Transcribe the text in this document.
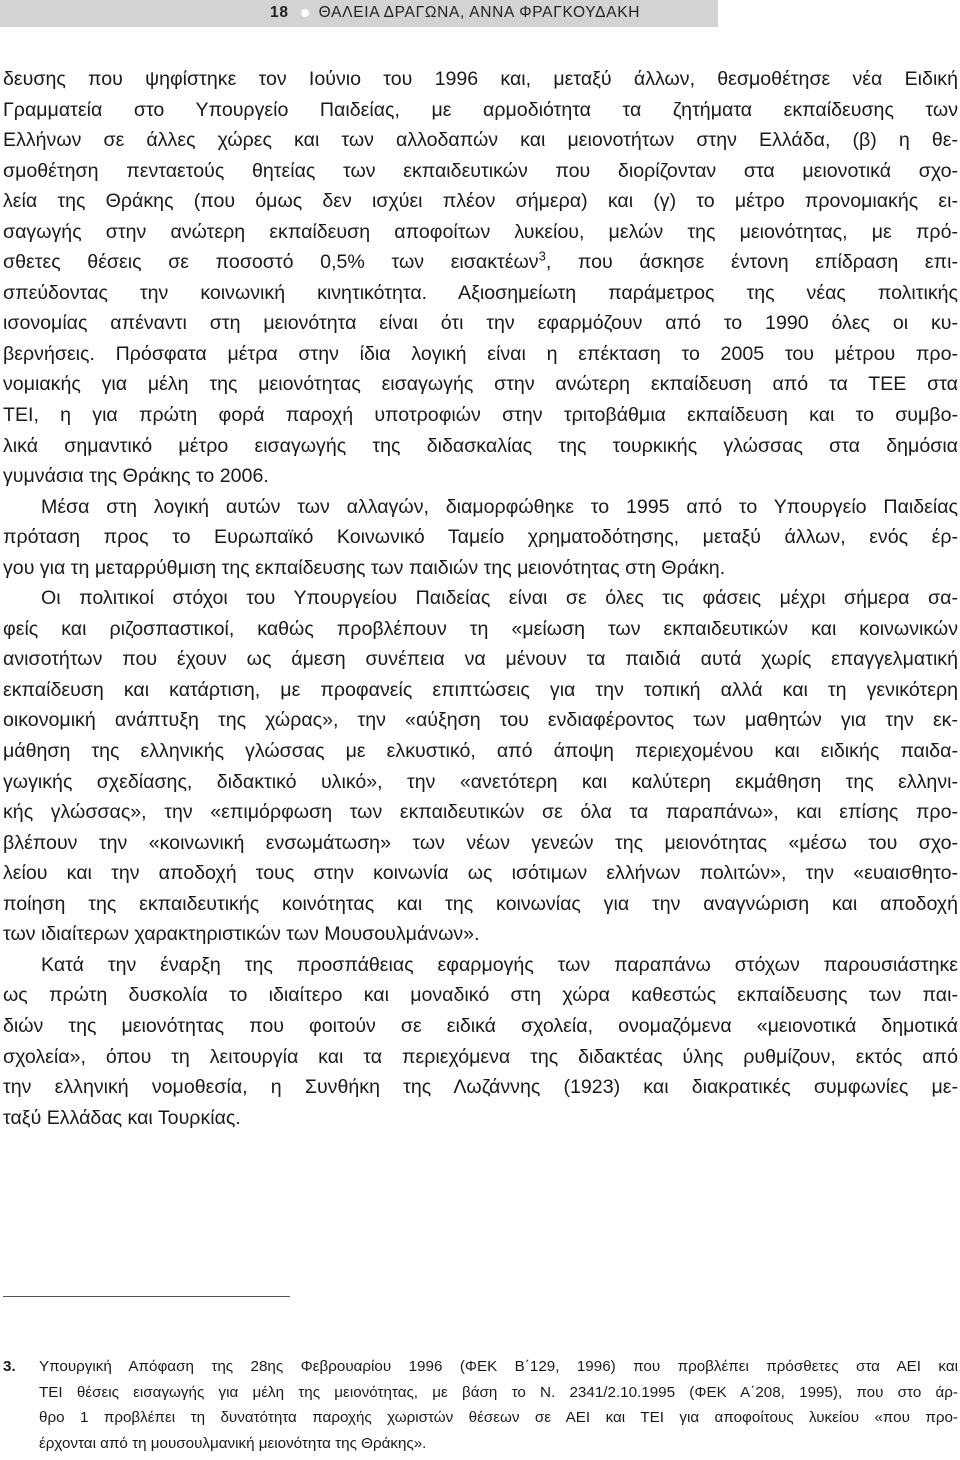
18 ΘΑΛΕΙΑ ΔΡΑΓΩΝΑ, ΑΝΝΑ ΦΡΑΓΚΟΥΔΑΚΗ
δευσης που ψηφίστηκε τον Ιούνιο του 1996 και, μεταξύ άλλων, θεσμοθέτησε νέα Ειδική
Γραμματεία στο Υπουργείο Παιδείας, με αρμοδιότητα τα ζητήματα εκπαίδευσης των
Ελλήνων σε άλλες χώρες και των αλλοδαπών και μειονοτήτων στην Ελλάδα, (β) η θε-
σμοθέτηση πενταετούς θητείας των εκπαιδευτικών που διορίζονταν στα μειονοτικά σχο-
λεία της Θράκης (που όμως δεν ισχύει πλέον σήμερα) και (γ) το μέτρο προνομιακής ει-
σαγωγής στην ανώτερη εκπαίδευση αποφοίτων λυκείου, μελών της μειονότητας, με πρό-
σθετες θέσεις σε ποσοστό 0,5% των εισακτέων$^3$, που άσκησε έντονη επίδραση επι-
σπεύδοντας την κοινωνική κινητικότητα. Αξιοσημείωτη παράμετρος της νέας πολιτικής
ισονομίας απέναντι στη μειονότητα είναι ότι την εφαρμόζουν από το 1990 όλες οι κυ-
βερνήσεις. Πρόσφατα μέτρα στην ίδια λογική είναι η επέκταση το 2005 του μέτρου προ-
νομιακής για μέλη της μειονότητας εισαγωγής στην ανώτερη εκπαίδευση από τα ΤΕΕ στα
ΤΕΙ, η για πρώτη φορά παροχή υποτροφιών στην τριτοβάθμια εκπαίδευση και το συμβο-
λικά σημαντικό μέτρο εισαγωγής της διδασκαλίας της τουρκικής γλώσσας στα δημόσια
γυμνάσια της Θράκης το 2006.
Μέσα στη λογική αυτών των αλλαγών, διαμορφώθηκε το 1995 από το Υπουργείο Παιδείας
πρόταση προς το Ευρωπαϊκό Κοινωνικό Ταμείο χρηματοδότησης, μεταξύ άλλων, ενός έρ-
γου για τη μεταρρύθμιση της εκπαίδευσης των παιδιών της μειονότητας στη Θράκη.
Οι πολιτικοί στόχοι του Υπουργείου Παιδείας είναι σε όλες τις φάσεις μέχρι σήμερα σα-
φείς και ριζοσπαστικοί, καθώς προβλέπουν τη «μείωση των εκπαιδευτικών και κοινωνικών
ανισοτήτων που έχουν ως άμεση συνέπεια να μένουν τα παιδιά αυτά χωρίς επαγγελματική
εκπαίδευση και κατάρτιση, με προφανείς επιπτώσεις για την τοπική αλλά και τη γενικότερη
οικονομική ανάπτυξη της χώρας», την «αύξηση του ενδιαφέροντος των μαθητών για την εκ-
μάθηση της ελληνικής γλώσσας με ελκυστικό, από άποψη περιεχομένου και ειδικής παιδα-
γωγικής σχεδίασης, διδακτικό υλικό», την «ανετότερη και καλύτερη εκμάθηση της ελληνι-
κής γλώσσας», την «επιμόρφωση των εκπαιδευτικών σε όλα τα παραπάνω», και επίσης προ-
βλέπουν την «κοινωνική ενσωμάτωση» των νέων γενεών της μειονότητας «μέσω του σχο-
λείου και την αποδοχή τους στην κοινωνία ως ισότιμων ελλήνων πολιτών», την «ευαισθητο-
ποίηση της εκπαιδευτικής κοινότητας και της κοινωνίας για την αναγνώριση και αποδοχή
των ιδιαίτερων χαρακτηριστικών των Μουσουλμάνων».
Κατά την έναρξη της προσπάθειας εφαρμογής των παραπάνω στόχων παρουσιάστηκε
ως πρώτη δυσκολία το ιδιαίτερο και μοναδικό στη χώρα καθεστώς εκπαίδευσης των παι-
διών της μειονότητας που φοιτούν σε ειδικά σχολεία, ονομαζόμενα «μειονοτικά δημοτικά
σχολεία», όπου τη λειτουργία και τα περιεχόμενα της διδακτέας ύλης ρυθμίζουν, εκτός από
την ελληνική νομοθεσία, η Συνθήκη της Λωζάννης (1923) και διακρατικές συμφωνίες με-
ταξύ Ελλάδας και Τουρκίας.
3.	Υπουργική Απόφαση της 28ης Φεβρουαρίου 1996 (ΦΕΚ Β΄129, 1996) που προβλέπει πρόσθετες στα ΑΕΙ και
ΤΕΙ θέσεις εισαγωγής για μέλη της μειονότητας, με βάση το Ν. 2341/2.10.1995 (ΦΕΚ Α΄208, 1995), που στο άρ-
θρο 1 προβλέπει τη δυνατότητα παροχής χωριστών θέσεων σε ΑΕΙ και ΤΕΙ για αποφοίτους λυκείου «που προ-
έρχονται από τη μουσουλμανική μειονότητα της Θράκης».
